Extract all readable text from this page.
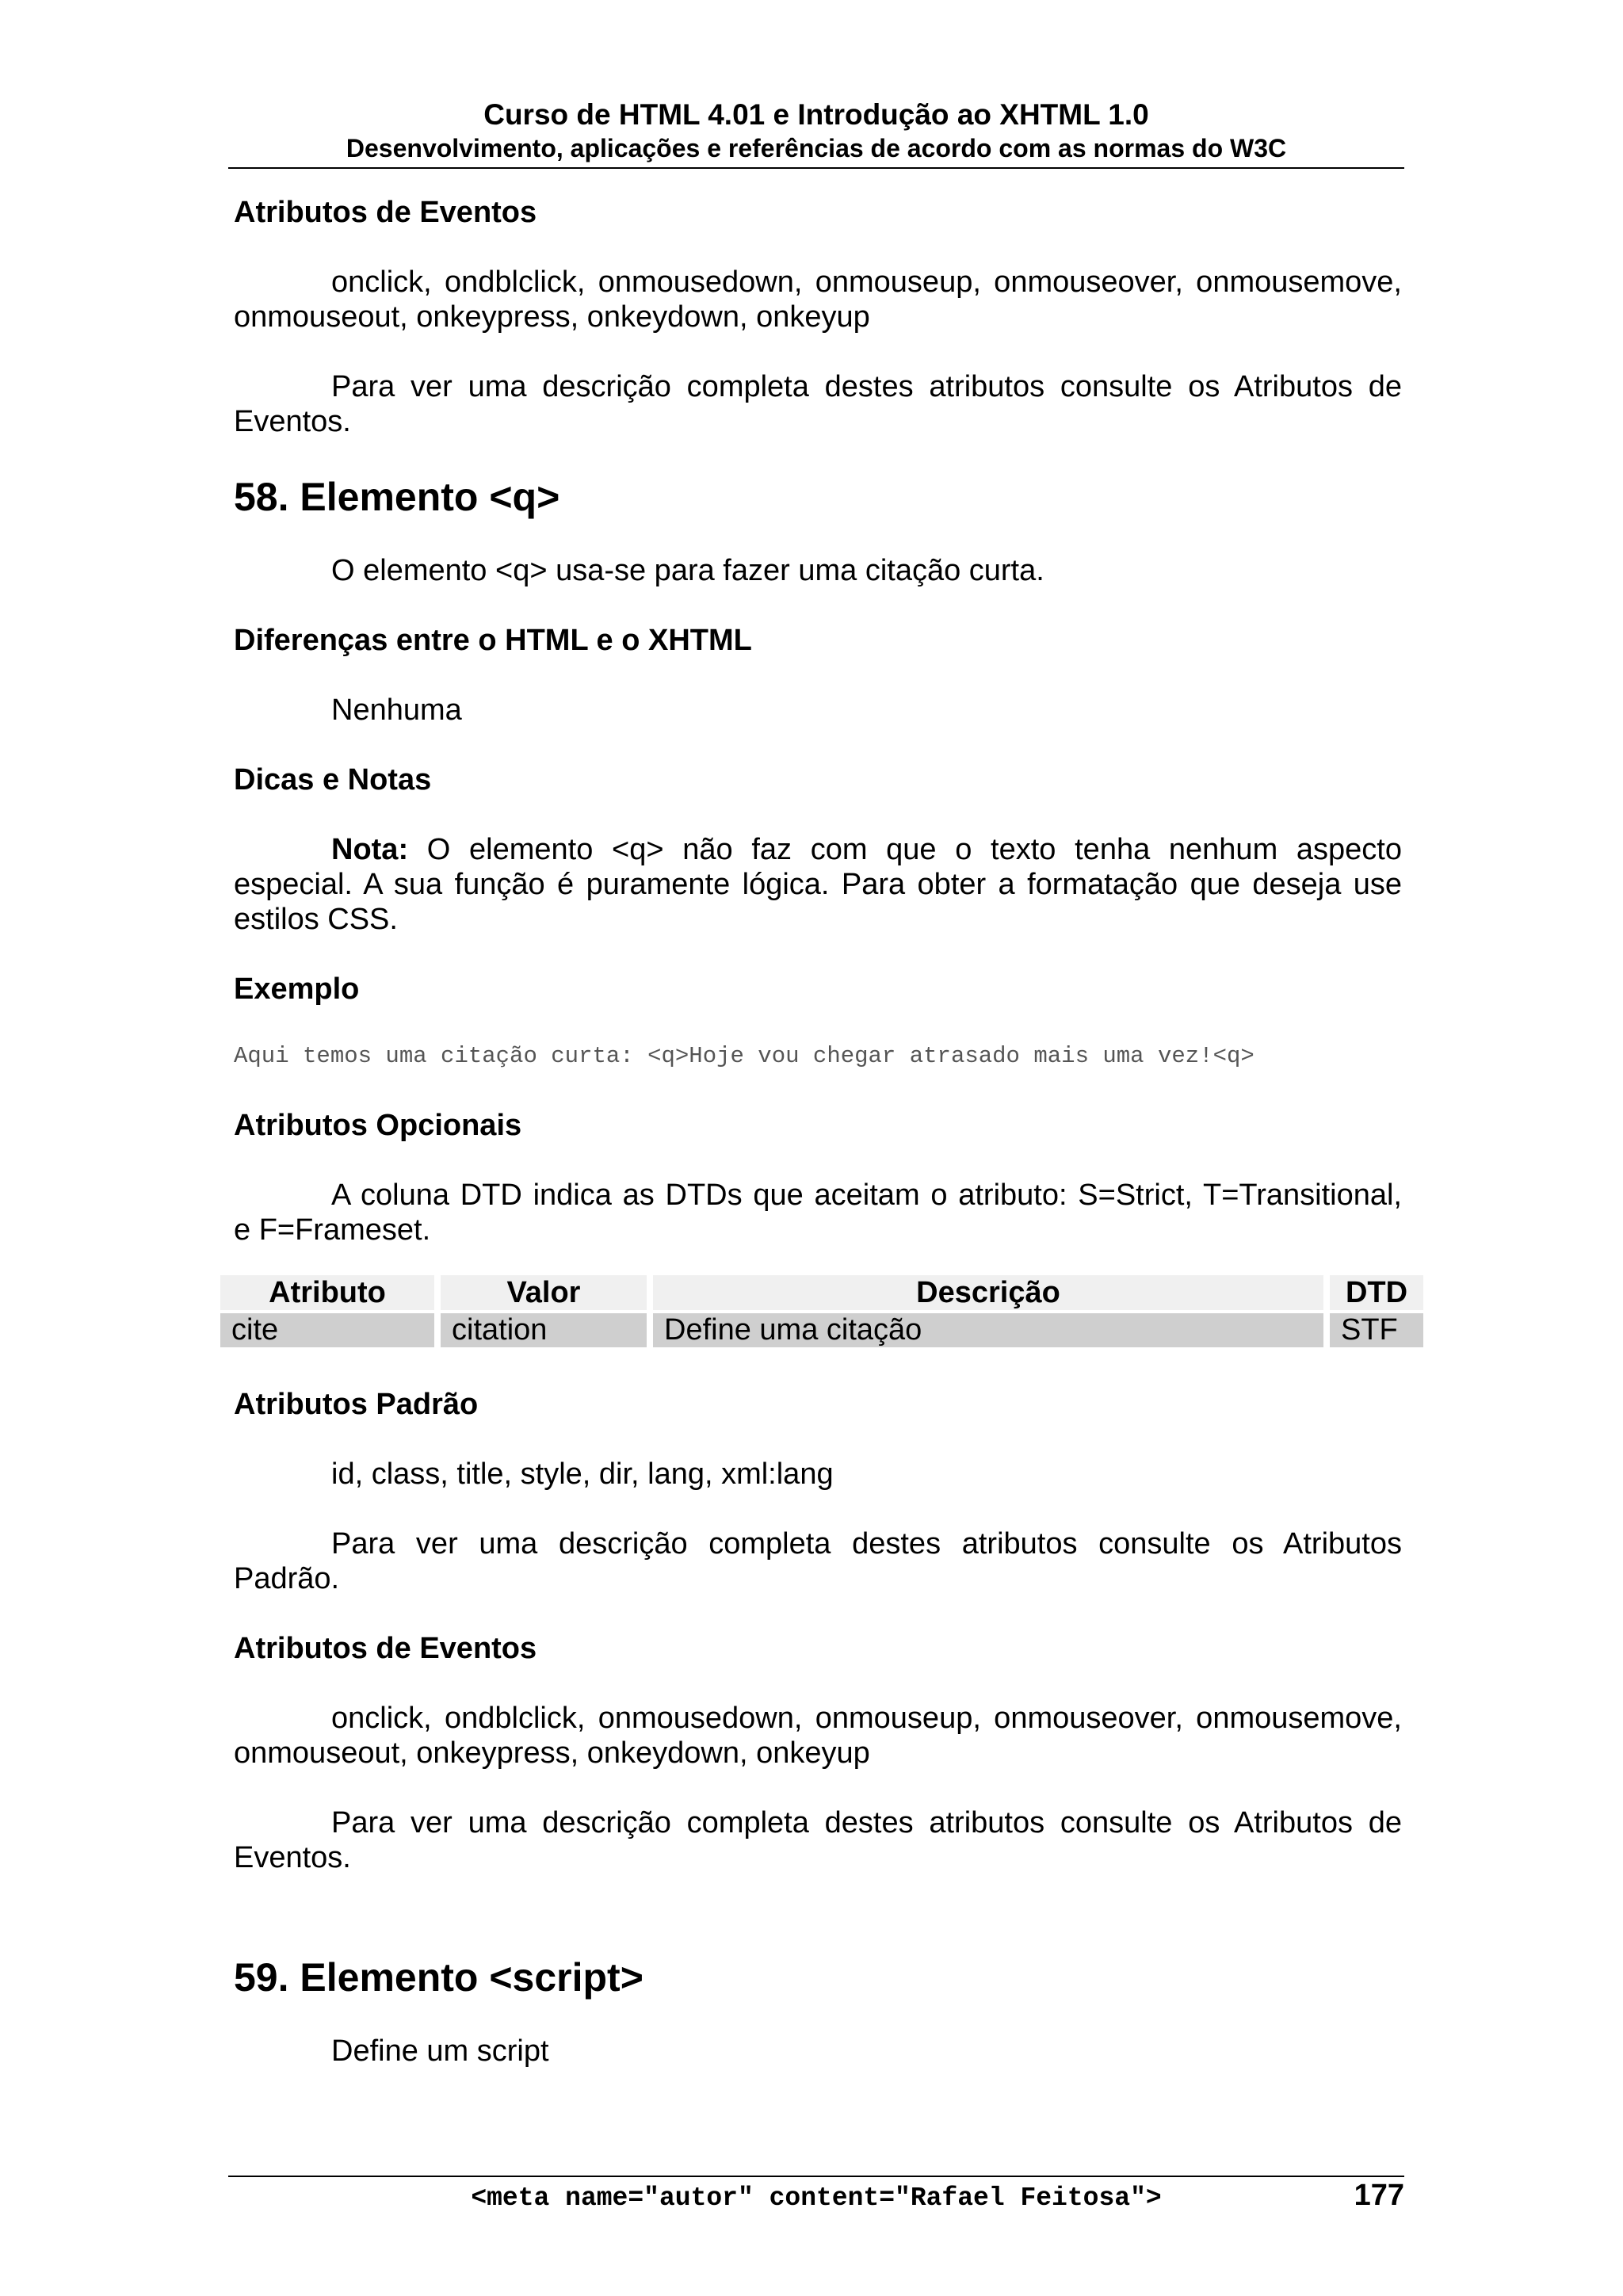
Curso de HTML 4.01 e Introdução ao XHTML 1.0
Desenvolvimento, aplicações e referências de acordo com as normas do W3C
Atributos de Eventos
onclick, ondblclick, onmousedown, onmouseup, onmouseover, onmousemove,
onmouseout, onkeypress, onkeydown, onkeyup
Para ver uma descrição completa destes atributos consulte os Atributos de
Eventos.
58. Elemento <q>
O elemento <q> usa-se para fazer uma citação curta.
Diferenças entre o HTML e o XHTML
Nenhuma
Dicas e Notas
Nota: O elemento <q> não faz com que o texto tenha nenhum aspecto
especial. A sua função é puramente lógica. Para obter a formatação que deseja use
estilos CSS.
Exemplo
Aqui temos uma citação curta: <q>Hoje vou chegar atrasado mais uma vez!<q>
Atributos Opcionais
A coluna DTD indica as DTDs que aceitam o atributo: S=Strict, T=Transitional,
e F=Frameset.
Atributo	Valor	Descrição	DTD
cite	citation	Define uma citação	STF
Atributos Padrão
id, class, title, style, dir, lang, xml:lang
Para ver uma descrição completa destes atributos consulte os Atributos
Padrão.
Atributos de Eventos
onclick, ondblclick, onmousedown, onmouseup, onmouseover, onmousemove,
onmouseout, onkeypress, onkeydown, onkeyup
Para ver uma descrição completa destes atributos consulte os Atributos de
Eventos.
59. Elemento <script>
Define um script
<meta name="autor" content="Rafael Feitosa">	177
